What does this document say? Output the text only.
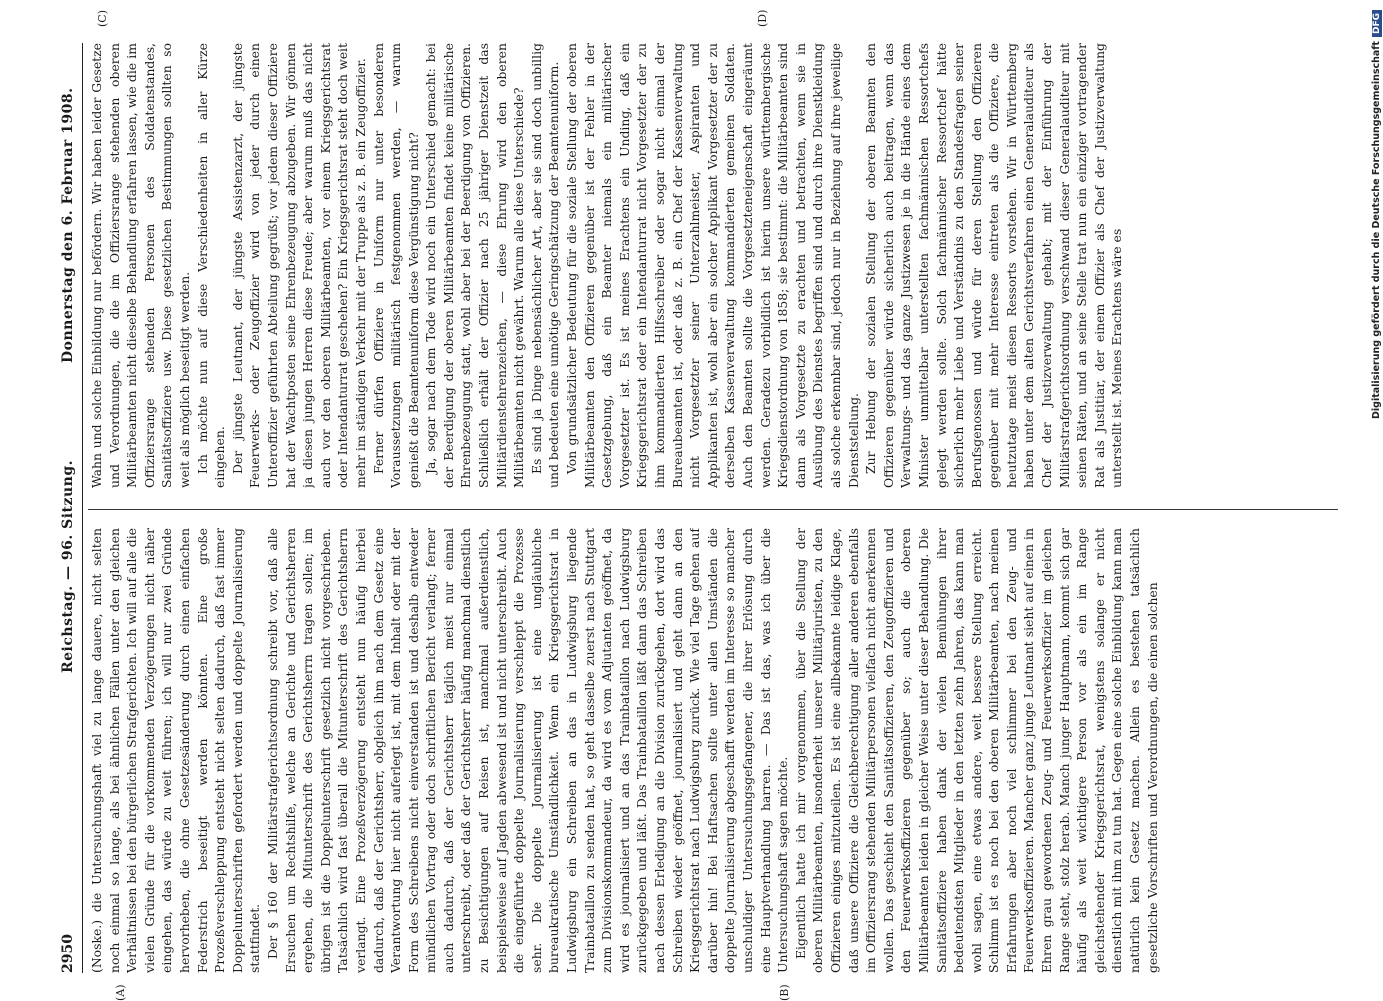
2950
Reichstag. — 96. Sitzung.
Donnerstag den 6. Februar 1908.
(A)	(B)
(C)	(D)

(Noske.) die Untersuchungshaft viel zu lange dauere, nicht selten noch einmal so lange, als bei ähnlichen Fällen unter den gleichen Verhältnissen bei den bürgerlichen Strafgerichten. Ich will auf alle die vielen Gründe für die vorkommenden Verzögerungen nicht näher eingehen, das würde zu weit führen; ich will nur zwei Gründe hervorheben, die ohne Gesetzesänderung durch einen einfachen Federstrich beseitigt werden könnten. Eine große Prozeßverschleppung entsteht nicht selten dadurch, daß fast immer Doppelunterschriften gefordert werden und doppelte Journalisierung stattfindet. Der § 160 der Militärstrafgerichtsordnung schreibt vor, daß alle Ersuchen um Rechtshilfe, welche an Gerichte und Gerichtsherren ergehen, die Mitunterschrift des Gerichtsherrn tragen sollen; im übrigen ist die Doppelunterschrift gesetzlich nicht vorgeschrieben. Tatsächlich wird fast überall die Mitunterschrift des Gerichtsherrn verlangt. Eine Prozeßverzögerung entsteht nun häufig hierbei dadurch, daß der Gerichtsherr, obgleich ihm nach dem Gesetz eine Verantwortung hier nicht auferlegt ist, mit dem Inhalt oder mit der Form des Schreibens nicht einverstanden ist und deshalb entweder mündlichen Vortrag oder doch schriftlichen Bericht verlangt; ferner auch dadurch, daß der Gerichtsherr täglich meist nur einmal unterschreibt, oder daß der Gerichtsherr häufig manchmal dienstlich zu Besichtigungen auf Reisen ist, manchmal außerdienstlich, beispielsweise auf Jagden abwesend ist und nicht unterschreibt. Auch die eingeführte doppelte Journalisierung verschleppt die Prozesse sehr. Die doppelte Journalisierung ist eine ungläubliche bureaukratische Umständlichkeit. Wenn ein Kriegsgerichtsrat in Ludwigsburg ein Schreiben an das in Ludwigsburg liegende Trainbataillon zu senden hat, so geht dasselbe zuerst nach Stuttgart zum Divisionskommandeur, da wird es vom Adjutanten geöffnet, da wird es journalisiert und an das Trainbataillon nach Ludwigsburg zurückgegeben und läßt. Das Trainbataillon läßt dann das Schreiben nach dessen Erledigung an die Division zurückgehen, dort wird das Schreiben wieder geöffnet, journalisiert und geht dann an den Kriegsgerichtsrat nach Ludwigsburg zurück. Wie viel Tage gehen auf darüber hin! Bei Haftsachen sollte unter allen Umständen die doppelte Journalisierung abgeschafft werden im Interesse so mancher unschuldiger Untersuchungsgefangener, die ihrer Erlösung durch eine Hauptverhandlung harren. — Das ist das, was ich über die Untersuchungshaft sagen möchte. Eigentlich hatte ich mir vorgenommen, über die Stellung der oberen Militärbeamten, insonderheit unserer Militärjuristen, zu den Offizieren einiges mitzuteilen. Es ist eine allbekannte leidige Klage, daß unsere Offiziere die Gleichberechtigung aller anderen ebenfalls im Offiziersrang stehenden Militärpersonen vielfach nicht anerkennen wollen. Das geschieht den Sanitätsoffizieren, den Zeugoffizieren und den Feuerwerksoffizieren gegenüber so; auch die oberen Militärbeamten leiden in gleicher Weise unter dieser Behandlung. Die Sanitätsoffiziere haben dank der vielen Bemühungen ihrer bedeutendsten Mitglieder in den letzten zehn Jahren, das kann man wohl sagen, eine etwas andere, weit bessere Stellung erreicht. Schlimm ist es noch bei den oberen Militärbeamten, nach meinen Erfahrungen aber noch viel schlimmer bei den Zeug- und Feuerwerksoffizieren. Mancher ganz junge Leutnant sieht auf einen in Ehren grau gewordenen Zeug- und Feuerwerksoffizier im gleichen Range steht, stolz herab. Manch junger Hauptmann, kommt sich gar häufig als weit wichtigere Person vor als ein im Range gleichstehender Kriegsgerichtsrat, wenigstens solange er nicht dienstlich mit ihm zu tun hat. Gegen eine solche Einbildung kann man natürlich kein Gesetz machen. Allein es bestehen tatsächlich gesetzliche Vorschriften und Verordnungen, die einen solchen

Wahn und solche Einbildung nur befördern. Wir haben leider Gesetze und Verordnungen, die die im Offiziersrange stehenden oberen Militärbeamten nicht dieselbe Behandlung erfahren lassen, wie die im Offiziersrange stehenden Personen des Soldatenstandes, Sanitätsoffiziere usw. Diese gesetzlichen Bestimmungen sollten so weit als möglich beseitigt werden. Ich möchte nun auf diese Verschiedenheiten in aller Kürze eingehen. Der jüngste Leutnant, der jüngste Assistenzarzt, der jüngste Feuerwerks- oder Zeugoffizier wird von jeder durch einen Unteroffizier geführten Abteilung gegrüßt; vor jedem dieser Offiziere hat der Wachtposten seine Ehrenbezeugung abzugeben. Wir gönnen ja diesen jungen Herren diese Freude; aber warum muß das nicht auch vor den oberen Militärbeamten, vor einem Kriegsgerichtsrat oder Intendanturrat geschehen? Ein Kriegsgerichtsrat steht doch weit mehr im ständigen Verkehr mit der Truppe als z. B. ein Zeugoffizier. Ferner dürfen Offiziere in Uniform nur unter besonderen Voraussetzungen militärisch festgenommen werden, — warum genießt die Beamtenuniform diese Vergünstigung nicht? Ja, sogar nach dem Tode wird noch ein Unterschied gemacht: bei der Beerdigung der oberen Militärbeamten findet keine militärische Ehrenbezeugung statt, wohl aber bei der Beerdigung von Offizieren. Schließlich erhält der Offizier nach 25 jähriger Dienstzeit das Militärdienstehrenzeichen, — diese Ehrung wird den oberen Militärbeamten nicht gewährt. Warum alle diese Unterschiede? Es sind ja Dinge nebensächlicher Art, aber sie sind doch unbillig und bedeuten eine unnötige Geringschätzung der Beamtenuniform. Von grundsätzlicher Bedeutung für die soziale Stellung der oberen Militärbeamten den Offizieren gegenüber ist der Fehler in der Gesetzgebung, daß ein Beamter niemals ein militärischer Vorgesetzter ist. Es ist meines Erachtens ein Unding, daß ein Kriegsgerichtsrat oder ein Intendanturrat nicht Vorgesetzter der zu ihm kommandierten Hilfsschreiber oder sogar nicht einmal der Bureaubeamten ist, oder daß z. B. ein Chef der Kassenverwaltung nicht Vorgesetzter seiner Unterzahlmeister, Aspiranten und Applikanten ist, wohl aber ein solcher Applikant Vorgesetzter der zu derselben Kassenverwaltung kommandierten gemeinen Soldaten. Auch den Beamten sollte die Vorgesetzteneigenschaft eingeräumt werden. Geradezu vorbildlich ist hierin unsere württembergische Kriegsdienstordnung von 1858; sie bestimmt: die Militärbeamten sind dann als Vorgesetzte zu erachten und betrachten, wenn sie in Ausübung des Dienstes begriffen sind und durch ihre Dienstkleidung als solche erkennbar sind, jedoch nur in Beziehung auf ihre jeweilige Dienststellung. Zur Hebung der sozialen Stellung der oberen Beamten den Offizieren gegenüber würde sicherlich auch beitragen, wenn das Verwaltungs- und das ganze Justizwesen je in die Hände eines dem Minister unmittelbar unterstellten fachmännischen Ressortchefs gelegt werden sollte. Solch fachmännischer Ressortchef hätte sicherlich mehr Liebe und Verständnis zu den Standesfragen seiner Berufsgenossen und würde für deren Stellung den Offizieren gegenüber mit mehr Interesse eintreten als die Offiziere, die heutzutage meist diesen Ressorts vorstehen. Wir in Württemberg haben unter dem alten Gerichtsverfahren einen Generalauditeur als Chef der Justizverwaltung gehabt; mit der Einführung der Militärstrafgerichtsordnung verschwand dieser Generalauditeur mit seinen Räten, und an seine Stelle trat nun ein einziger vortragender Rat als Justitiar, der einem Offizier als Chef der Justizverwaltung unterstellt ist. Meines Erachtens wäre es	Digitalisierung gefördert durch die Deutsche ForschungsgemeinschaftDFG
